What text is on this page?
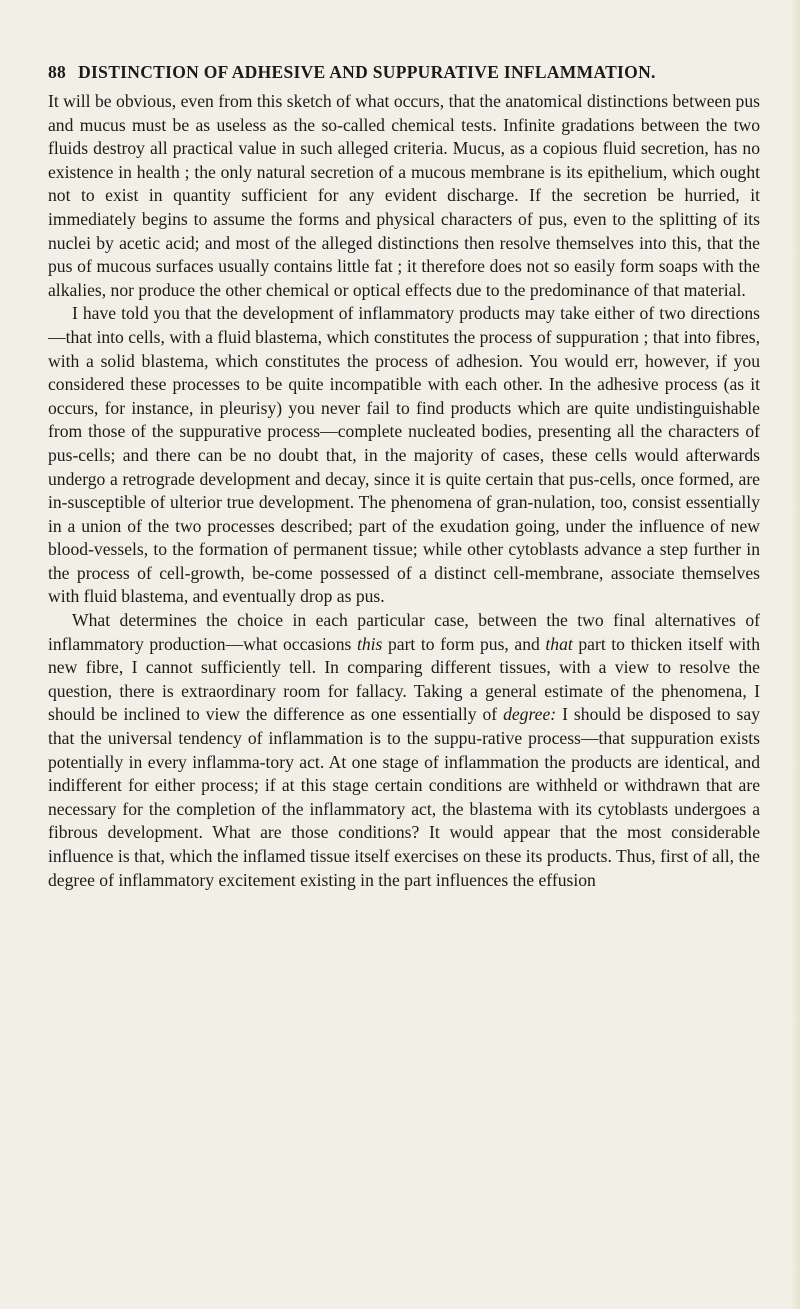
88 DISTINCTION OF ADHESIVE AND SUPPURATIVE INFLAMMATION.

It will be obvious, even from this sketch of what occurs, that the anatomical distinctions between pus and mucus must be as useless as the so-called chemical tests. Infinite gradations between the two fluids destroy all practical value in such alleged criteria. Mucus, as a copious fluid secretion, has no existence in health ; the only natural secretion of a mucous membrane is its epithelium, which ought not to exist in quantity sufficient for any evident discharge. If the secretion be hurried, it immediately begins to assume the forms and physical characters of pus, even to the splitting of its nuclei by acetic acid; and most of the alleged distinctions then resolve themselves into this, that the pus of mucous surfaces usually contains little fat ; it therefore does not so easily form soaps with the alkalies, nor produce the other chemical or optical effects due to the predominance of that material.

I have told you that the development of inflammatory products may take either of two directions—that into cells, with a fluid blastema, which constitutes the process of suppuration ; that into fibres, with a solid blastema, which constitutes the process of adhesion. You would err, however, if you considered these processes to be quite incompatible with each other. In the adhesive process (as it occurs, for instance, in pleurisy) you never fail to find products which are quite undistinguishable from those of the suppurative process—complete nucleated bodies, presenting all the characters of pus-cells; and there can be no doubt that, in the majority of cases, these cells would afterwards undergo a retrograde development and decay, since it is quite certain that pus-cells, once formed, are in-susceptible of ulterior true development. The phenomena of gran-nulation, too, consist essentially in a union of the two processes described; part of the exudation going, under the influence of new blood-vessels, to the formation of permanent tissue; while other cytoblasts advance a step further in the process of cell-growth, be-come possessed of a distinct cell-membrane, associate themselves with fluid blastema, and eventually drop as pus.

What determines the choice in each particular case, between the two final alternatives of inflammatory production—what occasions this part to form pus, and that part to thicken itself with new fibre, I cannot sufficiently tell. In comparing different tissues, with a view to resolve the question, there is extraordinary room for fallacy. Taking a general estimate of the phenomena, I should be inclined to view the difference as one essentially of degree: I should be disposed to say that the universal tendency of inflammation is to the suppu-rative process—that suppuration exists potentially in every inflamma-tory act. At one stage of inflammation the products are identical, and indifferent for either process; if at this stage certain conditions are withheld or withdrawn that are necessary for the completion of the inflammatory act, the blastema with its cytoblasts undergoes a fibrous development. What are those conditions? It would appear that the most considerable influence is that, which the inflamed tissue itself exercises on these its products. Thus, first of all, the degree of inflammatory excitement existing in the part influences the effusion
